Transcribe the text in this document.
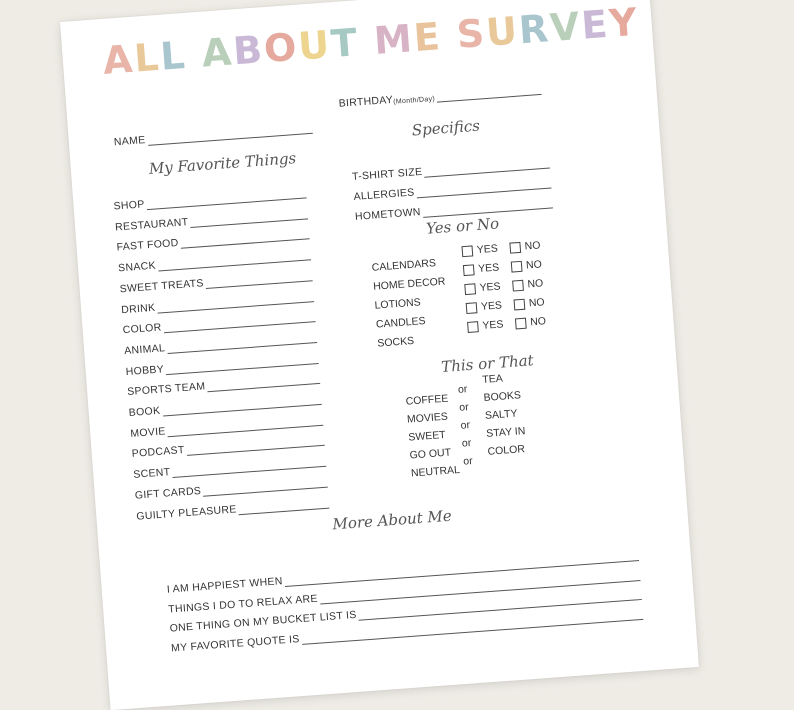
ALL ABOUT ME SURVEY
NAME
BIRTHDAY (Month/Day)
My Favorite Things
SHOP
RESTAURANT
FAST FOOD
SNACK
SWEET TREATS
DRINK
COLOR
ANIMAL
HOBBY
SPORTS TEAM
BOOK
MOVIE
PODCAST
SCENT
GIFT CARDS
GUILTY PLEASURE
Specifics
T-SHIRT SIZE
ALLERGIES
HOMETOWN Yes or No
CALENDARS
YES	NO
HOME DECOR
YES	NO
LOTIONS
YES	NO
CANDLES
YES	NO
SOCKS
YES	NO
This or That
COFFEE
or
TEA
MOVIES
or
BOOKS
SWEET
or
SALTY
GO OUT
or
STAY IN
NEUTRAL
or
COLOR
More About Me
I AM HAPPIEST WHEN
THINGS I DO TO RELAX ARE
ONE THING ON MY BUCKET LIST IS
MY FAVORITE QUOTE IS
